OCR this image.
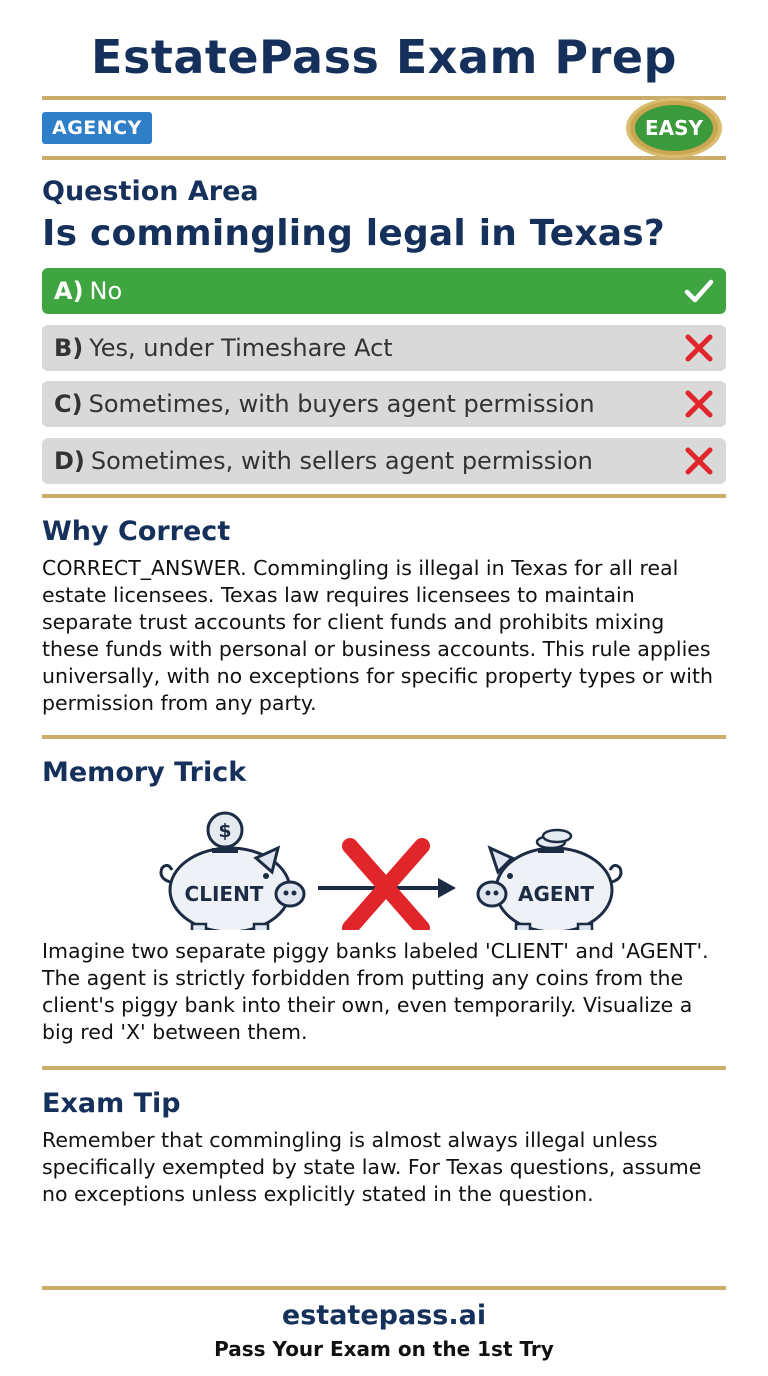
EstatePass Exam Prep
AGENCY	EASY
Question Area
Is commingling legal in Texas?
A) No
B) Yes, under Timeshare Act
C) Sometimes, with buyers agent permission
D) Sometimes, with sellers agent permission
Why Correct
CORRECT_ANSWER. Commingling is illegal in Texas for all real estate licensees. Texas law requires licensees to maintain separate trust accounts for client funds and prohibits mixing these funds with personal or business accounts. This rule applies universally, with no exceptions for specific property types or with permission from any party.
Memory Trick
$
CLIENT	AGENT
Imagine two separate piggy banks labeled 'CLIENT' and 'AGENT'. The agent is strictly forbidden from putting any coins from the client's piggy bank into their own, even temporarily. Visualize a big red 'X' between them.
Exam Tip
Remember that commingling is almost always illegal unless specifically exempted by state law. For Texas questions, assume no exceptions unless explicitly stated in the question.
estatepass.ai
Pass Your Exam on the 1st Try
